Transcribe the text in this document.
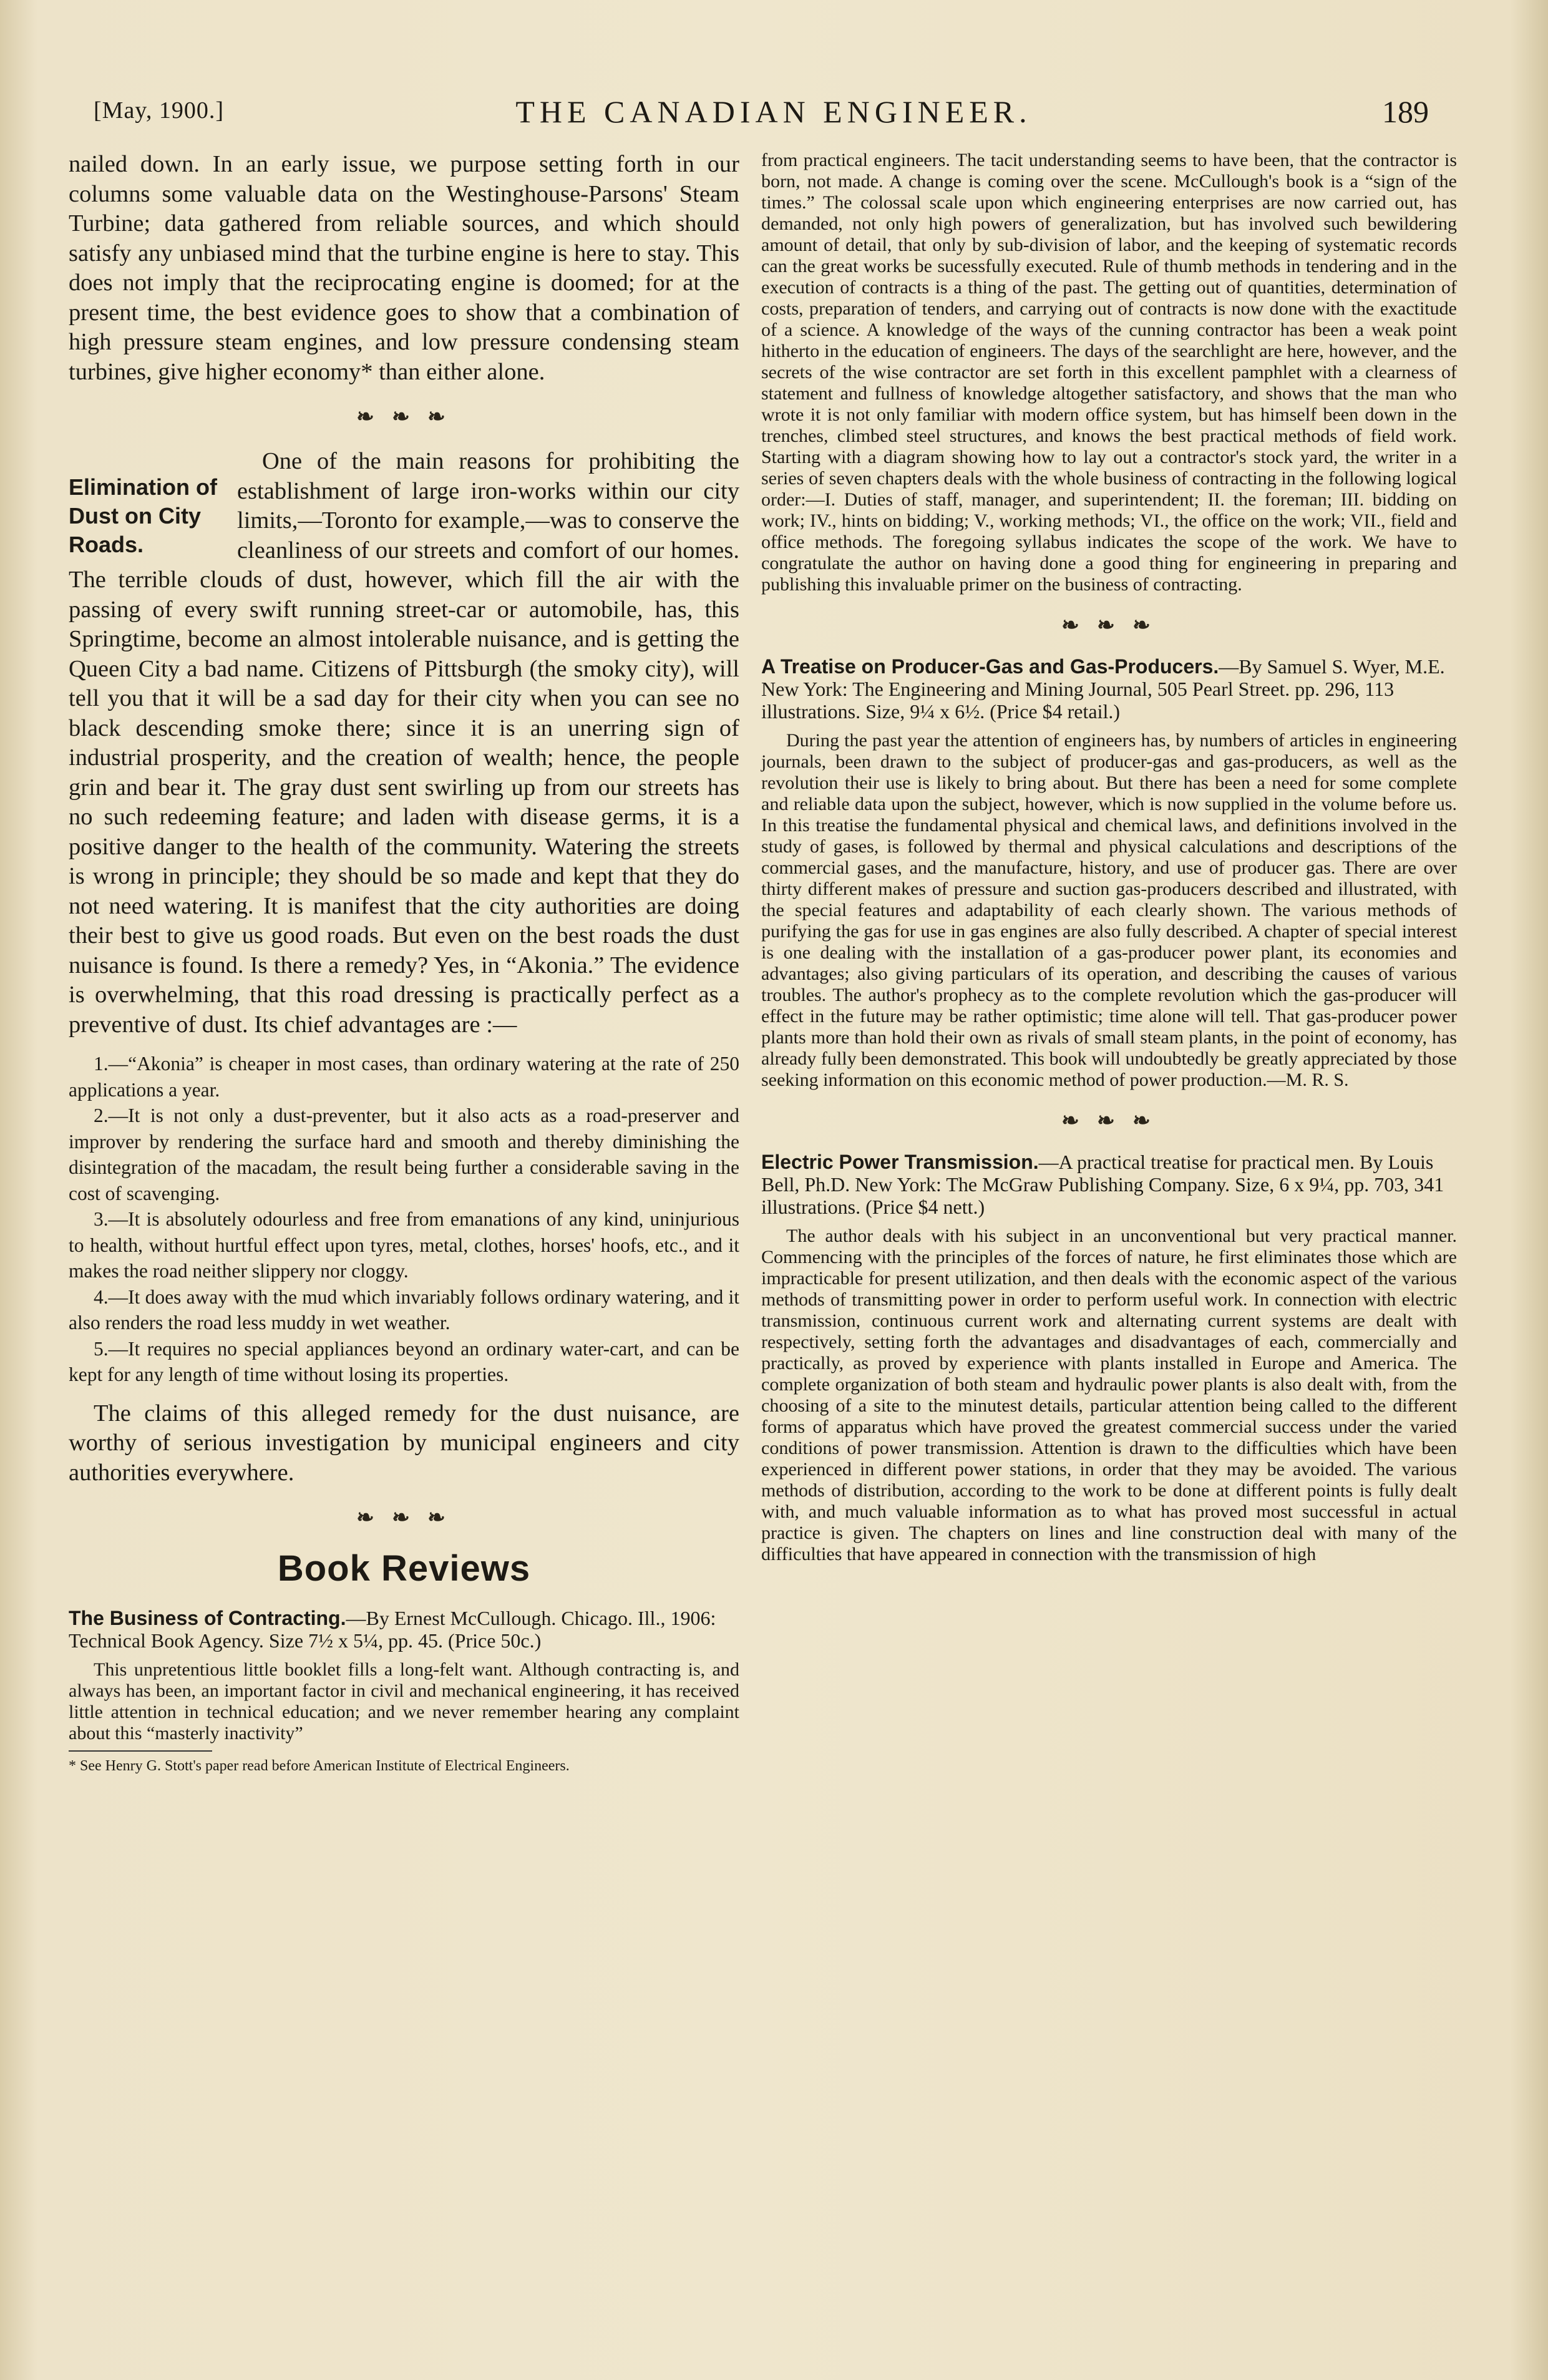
[May, 1900.]	THE CANADIAN ENGINEER.	189

nailed down. In an early issue, we purpose setting forth in our columns some valuable data on the Westinghouse-Parsons' Steam Turbine; data gathered from reliable sources, and which should satisfy any unbiased mind that the turbine engine is here to stay. This does not imply that the reciprocating engine is doomed; for at the present time, the best evidence goes to show that a combination of high pressure steam engines, and low pressure condensing steam turbines, give higher economy* than either alone.

❧ ❧ ❧
Elimination of Dust on City Roads.

One of the main reasons for prohibiting the establishment of large iron-works within our city limits,—Toronto for example,—was to conserve the cleanliness of our streets and comfort of our homes. The terrible clouds of dust, however, which fill the air with the passing of every swift running street-car or automobile, has, this Springtime, become an almost intolerable nuisance, and is getting the Queen City a bad name. Citizens of Pittsburgh (the smoky city), will tell you that it will be a sad day for their city when you can see no black descending smoke there; since it is an unerring sign of industrial prosperity, and the creation of wealth; hence, the people grin and bear it. The gray dust sent swirling up from our streets has no such redeeming feature; and laden with disease germs, it is a positive danger to the health of the community. Watering the streets is wrong in principle; they should be so made and kept that they do not need watering. It is manifest that the city authorities are doing their best to give us good roads. But even on the best roads the dust nuisance is found. Is there a remedy? Yes, in “Akonia.” The evidence is overwhelming, that this road dressing is practically perfect as a preventive of dust. Its chief advantages are :—

1.—“Akonia” is cheaper in most cases, than ordinary watering at the rate of 250 applications a year.

2.—It is not only a dust-preventer, but it also acts as a road-preserver and improver by rendering the surface hard and smooth and thereby diminishing the disintegration of the macadam, the result being further a considerable saving in the cost of scavenging.

3.—It is absolutely odourless and free from emanations of any kind, uninjurious to health, without hurtful effect upon tyres, metal, clothes, horses' hoofs, etc., and it makes the road neither slippery nor cloggy.

4.—It does away with the mud which invariably follows ordinary watering, and it also renders the road less muddy in wet weather.

5.—It requires no special appliances beyond an ordinary water-cart, and can be kept for any length of time without losing its properties.

The claims of this alleged remedy for the dust nuisance, are worthy of serious investigation by municipal engineers and city authorities everywhere.

❧ ❧ ❧
Book Reviews

The Business of Contracting.—By Ernest McCullough. Chicago. Ill., 1906: Technical Book Agency. Size 7½ x 5¼, pp. 45. (Price 50c.)

This unpretentious little booklet fills a long-felt want. Although contracting is, and always has been, an important factor in civil and mechanical engineering, it has received little attention in technical education; and we never remember hearing any complaint about this “masterly inactivity”

* See Henry G. Stott's paper read before American Institute of Electrical Engineers.

from practical engineers. The tacit understanding seems to have been, that the contractor is born, not made. A change is coming over the scene. McCullough's book is a “sign of the times.” The colossal scale upon which engineering enterprises are now carried out, has demanded, not only high powers of generalization, but has involved such bewildering amount of detail, that only by sub-division of labor, and the keeping of systematic records can the great works be sucessfully executed. Rule of thumb methods in tendering and in the execution of contracts is a thing of the past. The getting out of quantities, determination of costs, preparation of tenders, and carrying out of contracts is now done with the exactitude of a science. A knowledge of the ways of the cunning contractor has been a weak point hitherto in the education of engineers. The days of the searchlight are here, however, and the secrets of the wise contractor are set forth in this excellent pamphlet with a clearness of statement and fullness of knowledge altogether satisfactory, and shows that the man who wrote it is not only familiar with modern office system, but has himself been down in the trenches, climbed steel structures, and knows the best practical methods of field work. Starting with a diagram showing how to lay out a contractor's stock yard, the writer in a series of seven chapters deals with the whole business of contracting in the following logical order:—I. Duties of staff, manager, and superintendent; II. the foreman; III. bidding on work; IV., hints on bidding; V., working methods; VI., the office on the work; VII., field and office methods. The foregoing syllabus indicates the scope of the work. We have to congratulate the author on having done a good thing for engineering in preparing and publishing this invaluable primer on the business of contracting.

❧ ❧ ❧

A Treatise on Producer-Gas and Gas-Producers.—By Samuel S. Wyer, M.E. New York: The Engineering and Mining Journal, 505 Pearl Street. pp. 296, 113 illustrations. Size, 9¼ x 6½. (Price $4 retail.)

During the past year the attention of engineers has, by numbers of articles in engineering journals, been drawn to the subject of producer-gas and gas-producers, as well as the revolution their use is likely to bring about. But there has been a need for some complete and reliable data upon the subject, however, which is now supplied in the volume before us. In this treatise the fundamental physical and chemical laws, and definitions involved in the study of gases, is followed by thermal and physical calculations and descriptions of the commercial gases, and the manufacture, history, and use of producer gas. There are over thirty different makes of pressure and suction gas-producers described and illustrated, with the special features and adaptability of each clearly shown. The various methods of purifying the gas for use in gas engines are also fully described. A chapter of special interest is one dealing with the installation of a gas-producer power plant, its economies and advantages; also giving particulars of its operation, and describing the causes of various troubles. The author's prophecy as to the complete revolution which the gas-producer will effect in the future may be rather optimistic; time alone will tell. That gas-producer power plants more than hold their own as rivals of small steam plants, in the point of economy, has already fully been demonstrated. This book will undoubtedly be greatly appreciated by those seeking information on this economic method of power production.—M. R. S.

❧ ❧ ❧

Electric Power Transmission.—A practical treatise for practical men. By Louis Bell, Ph.D. New York: The McGraw Publishing Company. Size, 6 x 9¼, pp. 703, 341 illustrations. (Price $4 nett.)

The author deals with his subject in an unconventional but very practical manner. Commencing with the principles of the forces of nature, he first eliminates those which are impracticable for present utilization, and then deals with the economic aspect of the various methods of transmitting power in order to perform useful work. In connection with electric transmission, continuous current work and alternating current systems are dealt with respectively, setting forth the advantages and disadvantages of each, commercially and practically, as proved by experience with plants installed in Europe and America. The complete organization of both steam and hydraulic power plants is also dealt with, from the choosing of a site to the minutest details, particular attention being called to the different forms of apparatus which have proved the greatest commercial success under the varied conditions of power transmission. Attention is drawn to the difficulties which have been experienced in different power stations, in order that they may be avoided. The various methods of distribution, according to the work to be done at different points is fully dealt with, and much valuable information as to what has proved most successful in actual practice is given. The chapters on lines and line construction deal with many of the difficulties that have appeared in connection with the transmission of high
